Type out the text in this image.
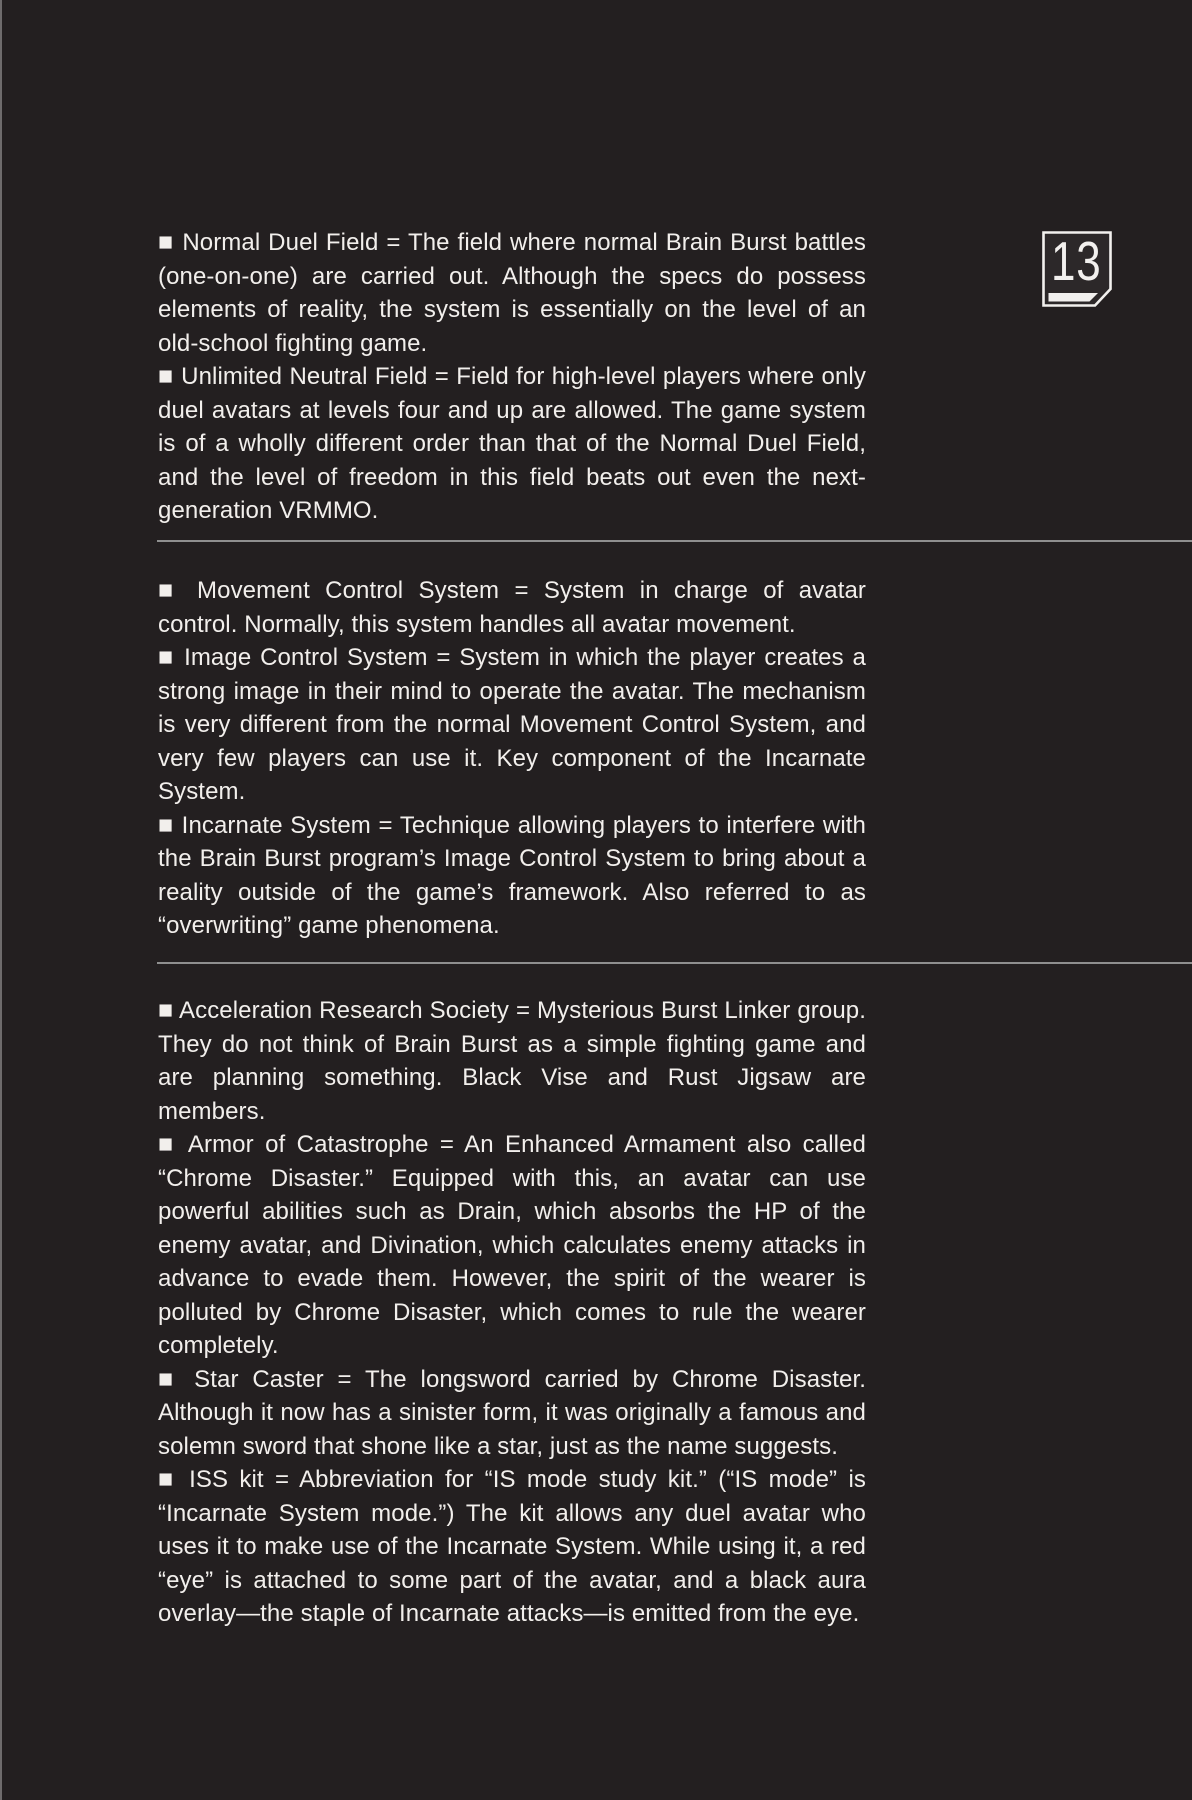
■ Normal Duel Field = The field where normal Brain Burst battles (one-on-one) are carried out. Although the specs do possess elements of reality, the system is essentially on the level of an old-school fighting game.

■ Unlimited Neutral Field = Field for high-level players where only duel avatars at levels four and up are allowed. The game system is of a wholly different order than that of the Normal Duel Field, and the level of freedom in this field beats out even the next-generation VRMMO.

■ Movement Control System = System in charge of avatar control. Normally, this system handles all avatar movement.

■ Image Control System = System in which the player creates a strong image in their mind to operate the avatar. The mechanism is very different from the normal Movement Control System, and very few players can use it. Key component of the Incarnate System.

■ Incarnate System = Technique allowing players to interfere with the Brain Burst program’s Image Control System to bring about a reality outside of the game’s framework. Also referred to as “overwriting” game phenomena.

■ Acceleration Research Society = Mysterious Burst Linker group. They do not think of Brain Burst as a simple fighting game and are planning something. Black Vise and Rust Jigsaw are members.

■ Armor of Catastrophe = An Enhanced Armament also called “Chrome Disaster.” Equipped with this, an avatar can use powerful abilities such as Drain, which absorbs the HP of the enemy avatar, and Divination, which calculates enemy attacks in advance to evade them. However, the spirit of the wearer is polluted by Chrome Disaster, which comes to rule the wearer completely.

■ Star Caster = The longsword carried by Chrome Disaster. Although it now has a sinister form, it was originally a famous and solemn sword that shone like a star, just as the name suggests.

■ ISS kit = Abbreviation for “IS mode study kit.” (“IS mode” is “Incarnate System mode.”) The kit allows any duel avatar who uses it to make use of the Incarnate System. While using it, a red “eye” is attached to some part of the avatar, and a black aura overlay—the staple of Incarnate attacks—is emitted from the eye.

13
